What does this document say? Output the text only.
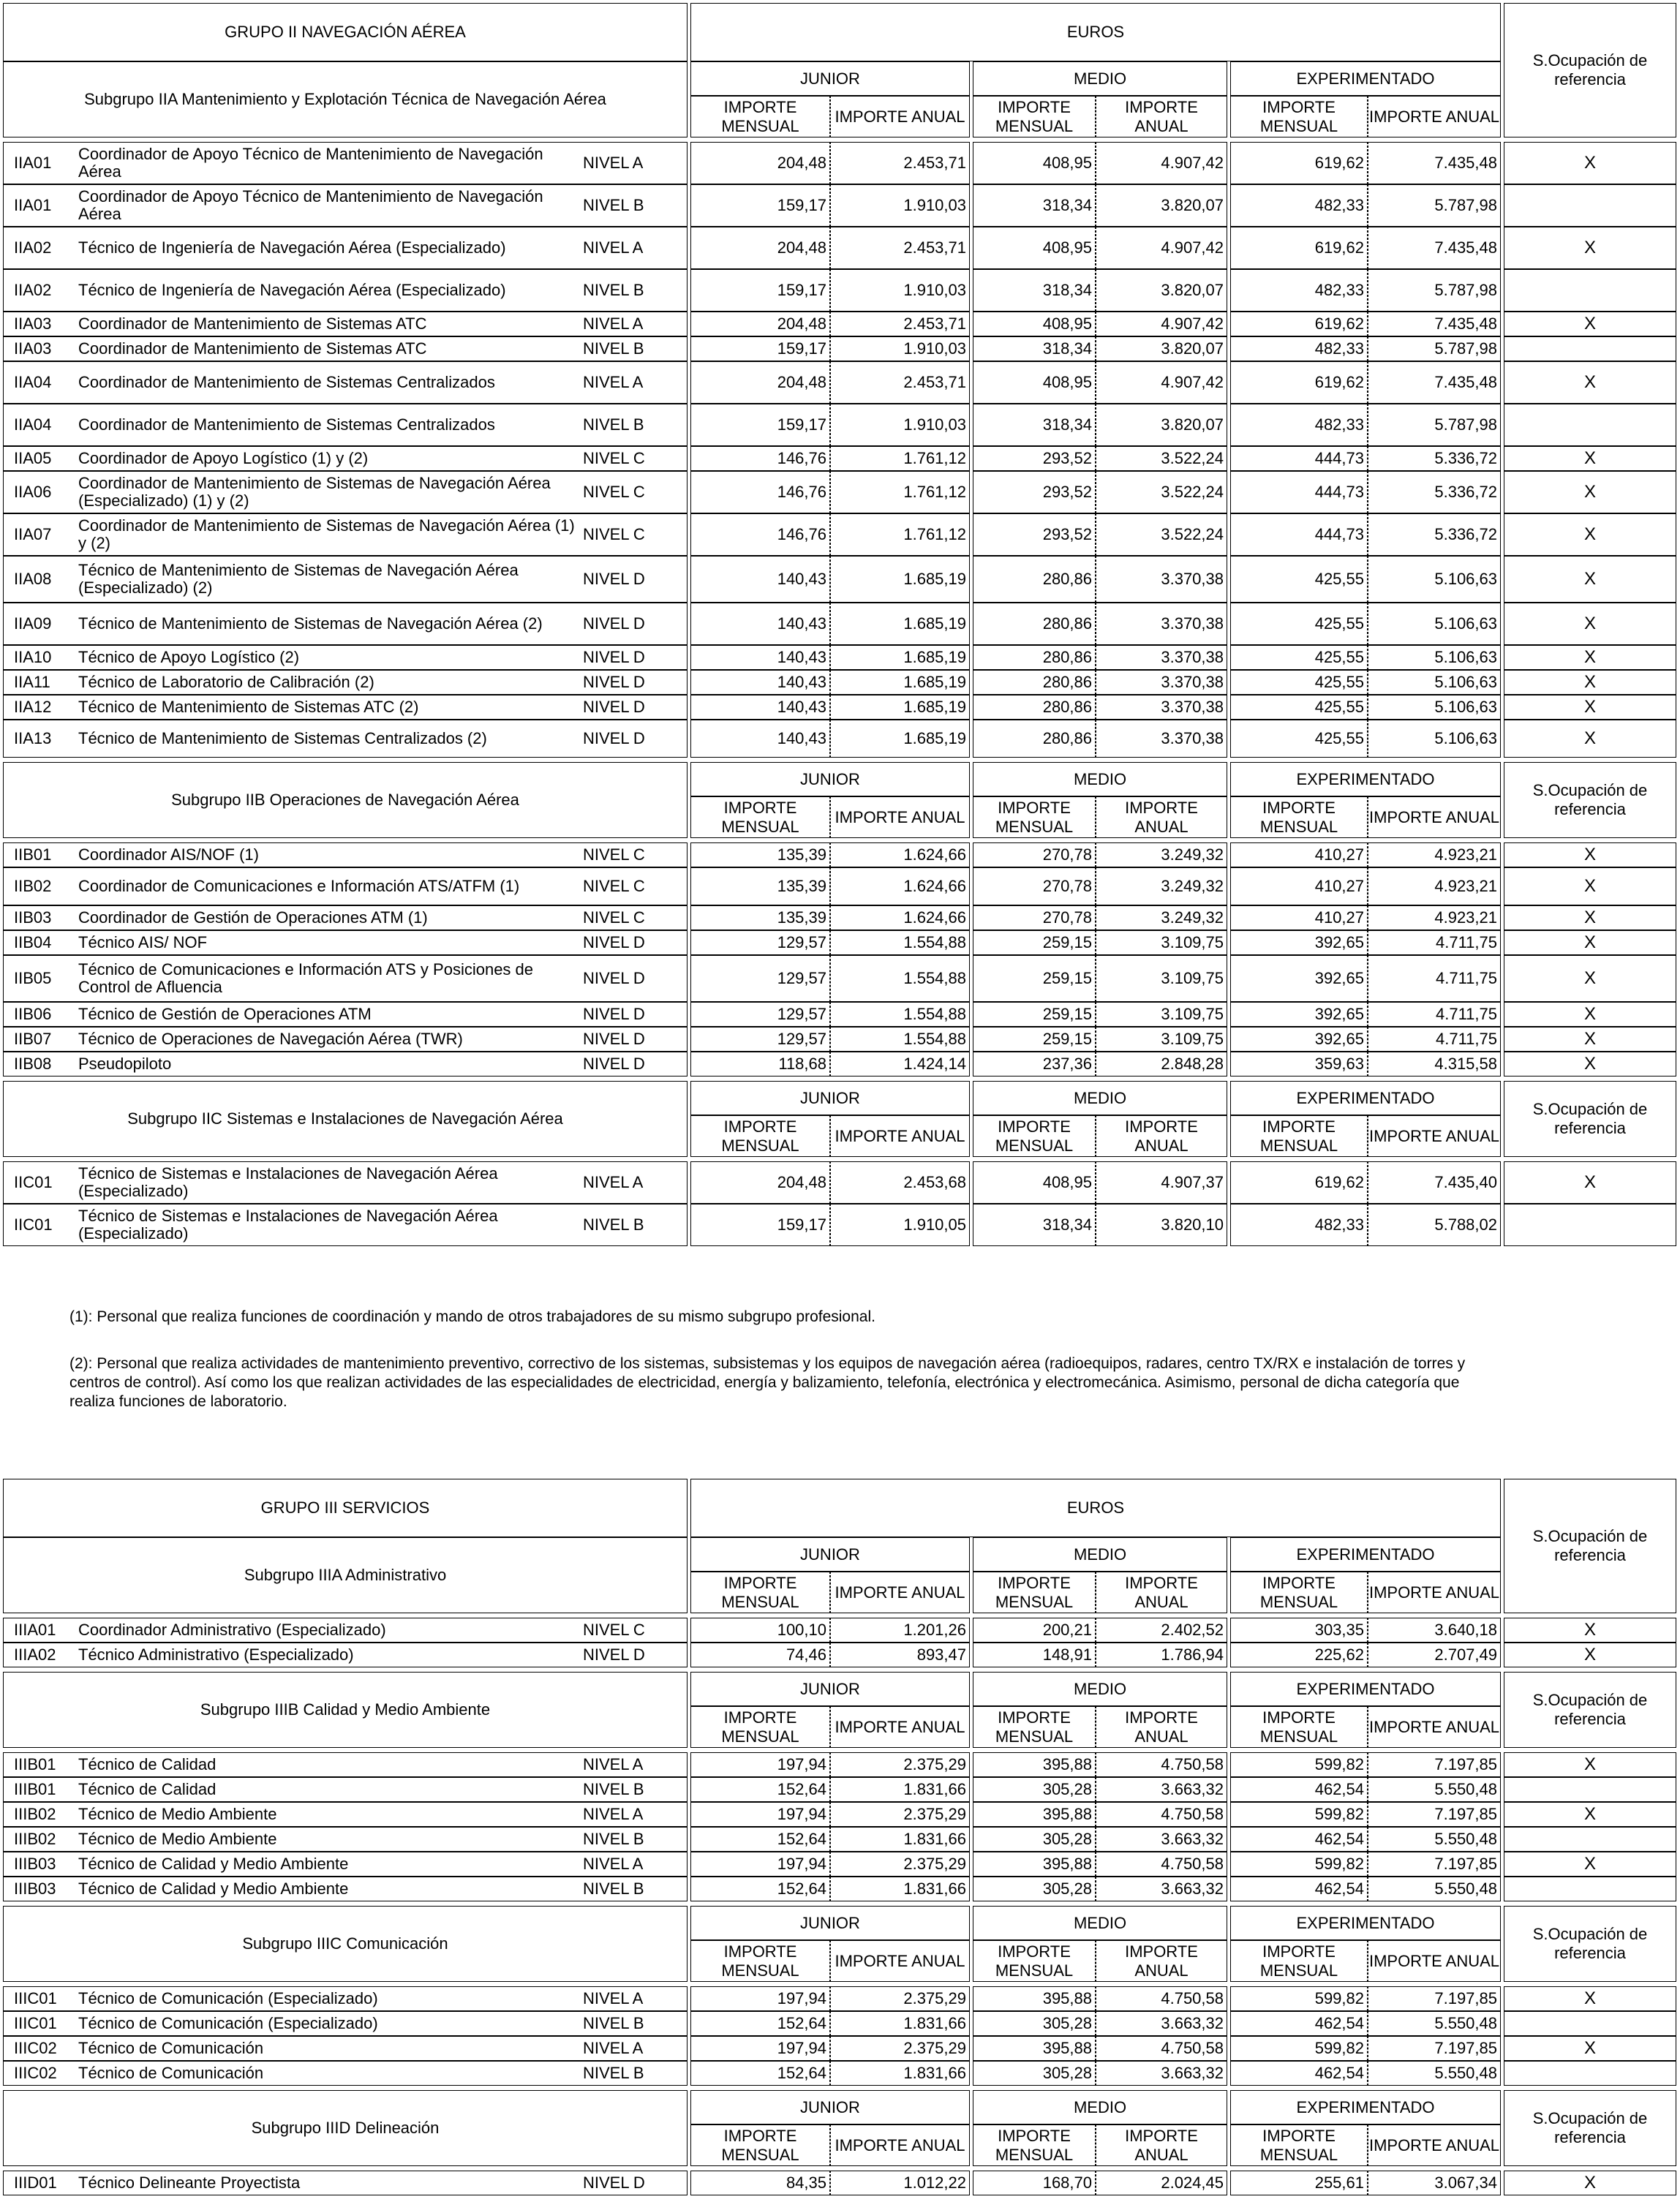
GRUPO II NAVEGACIÓN AÉREA		EUROS									S.Ocupación de referencia
Subgrupo IIA Mantenimiento y Explotación Técnica de Navegación Aérea		JUNIOR			MEDIO			EXPERIMENTADO			
		IMPORTE MENSUAL	IMPORTE ANUAL		IMPORTE MENSUAL	IMPORTE ANUAL		IMPORTE MENSUAL	IMPORTE ANUAL		

IIA01 Coordinador de Apoyo Técnico de Mantenimiento de Navegación Aérea NIVEL A		204,48	2.453,71		408,95	4.907,42		619,62	7.435,48		X

IIA01 Coordinador de Apoyo Técnico de Mantenimiento de Navegación Aérea NIVEL B		159,17	1.910,03		318,34	3.820,07		482,33	5.787,98		

IIA02 Técnico de Ingeniería de Navegación Aérea (Especializado) NIVEL A		204,48	2.453,71		408,95	4.907,42		619,62	7.435,48		X

IIA02 Técnico de Ingeniería de Navegación Aérea (Especializado) NIVEL B		159,17	1.910,03		318,34	3.820,07		482,33	5.787,98		

IIA03 Coordinador de Mantenimiento de Sistemas ATC NIVEL A		204,48	2.453,71		408,95	4.907,42		619,62	7.435,48		X

IIA03 Coordinador de Mantenimiento de Sistemas ATC NIVEL B		159,17	1.910,03		318,34	3.820,07		482,33	5.787,98		

IIA04 Coordinador de Mantenimiento de Sistemas Centralizados NIVEL A		204,48	2.453,71		408,95	4.907,42		619,62	7.435,48		X

IIA04 Coordinador de Mantenimiento de Sistemas Centralizados NIVEL B		159,17	1.910,03		318,34	3.820,07		482,33	5.787,98		

IIA05 Coordinador de Apoyo Logístico (1) y (2) NIVEL C		146,76	1.761,12		293,52	3.522,24		444,73	5.336,72		X

IIA06 Coordinador de Mantenimiento de Sistemas de Navegación Aérea (Especializado) (1) y (2) NIVEL C		146,76	1.761,12		293,52	3.522,24		444,73	5.336,72		X

IIA07 Coordinador de Mantenimiento de Sistemas de Navegación Aérea (1) y (2) NIVEL C		146,76	1.761,12		293,52	3.522,24		444,73	5.336,72		X

IIA08 Técnico de Mantenimiento de Sistemas de Navegación Aérea (Especializado) (2) NIVEL D		140,43	1.685,19		280,86	3.370,38		425,55	5.106,63		X

IIA09 Técnico de Mantenimiento de Sistemas de Navegación Aérea (2) NIVEL D		140,43	1.685,19		280,86	3.370,38		425,55	5.106,63		X

IIA10 Técnico de Apoyo Logístico (2) NIVEL D		140,43	1.685,19		280,86	3.370,38		425,55	5.106,63		X

IIA11 Técnico de Laboratorio de Calibración (2) NIVEL D		140,43	1.685,19		280,86	3.370,38		425,55	5.106,63		X

IIA12 Técnico de Mantenimiento de Sistemas ATC (2) NIVEL D		140,43	1.685,19		280,86	3.370,38		425,55	5.106,63		X

IIA13 Técnico de Mantenimiento de Sistemas Centralizados (2) NIVEL D		140,43	1.685,19		280,86	3.370,38		425,55	5.106,63		X

Subgrupo IIB Operaciones de Navegación Aérea		JUNIOR			MEDIO			EXPERIMENTADO			S.Ocupación de referencia
		IMPORTE MENSUAL	IMPORTE ANUAL		IMPORTE MENSUAL	IMPORTE ANUAL		IMPORTE MENSUAL	IMPORTE ANUAL		

IIB01 Coordinador AIS/NOF (1) NIVEL C		135,39	1.624,66		270,78	3.249,32		410,27	4.923,21		X

IIB02 Coordinador de Comunicaciones e Información ATS/ATFM (1) NIVEL C		135,39	1.624,66		270,78	3.249,32		410,27	4.923,21		X

IIB03 Coordinador de Gestión de Operaciones ATM (1) NIVEL C		135,39	1.624,66		270,78	3.249,32		410,27	4.923,21		X

IIB04 Técnico AIS/ NOF NIVEL D		129,57	1.554,88		259,15	3.109,75		392,65	4.711,75		X

IIB05 Técnico de Comunicaciones e Información ATS y Posiciones de Control de Afluencia NIVEL D		129,57	1.554,88		259,15	3.109,75		392,65	4.711,75		X

IIB06 Técnico de Gestión de Operaciones ATM NIVEL D		129,57	1.554,88		259,15	3.109,75		392,65	4.711,75		X

IIB07 Técnico de Operaciones de Navegación Aérea (TWR) NIVEL D		129,57	1.554,88		259,15	3.109,75		392,65	4.711,75		X

IIB08 Pseudopiloto NIVEL D		118,68	1.424,14		237,36	2.848,28		359,63	4.315,58		X

Subgrupo IIC Sistemas e Instalaciones de Navegación Aérea		JUNIOR			MEDIO			EXPERIMENTADO			S.Ocupación de referencia
		IMPORTE MENSUAL	IMPORTE ANUAL		IMPORTE MENSUAL	IMPORTE ANUAL		IMPORTE MENSUAL	IMPORTE ANUAL		

IIC01 Técnico de Sistemas e Instalaciones de Navegación Aérea (Especializado) NIVEL A		204,48	2.453,68		408,95	4.907,37		619,62	7.435,40		X

IIC01 Técnico de Sistemas e Instalaciones de Navegación Aérea (Especializado) NIVEL B		159,17	1.910,05		318,34	3.820,10		482,33	5.788,02		

(1): Personal que realiza funciones de coordinación y mando de otros trabajadores de su mismo subgrupo profesional.

(2): Personal que realiza actividades de mantenimiento preventivo, correctivo de los sistemas, subsistemas y los equipos de navegación aérea (radioequipos, radares, centro TX/RX e instalación de torres y centros de control). Así como los que realizan actividades de las especialidades de electricidad, energía y balizamiento, telefonía, electrónica y electromecánica. Asimismo, personal de dicha categoría que realiza funciones de laboratorio.

GRUPO III SERVICIOS		EUROS									S.Ocupación de referencia
Subgrupo IIIA Administrativo		JUNIOR			MEDIO			EXPERIMENTADO			
		IMPORTE MENSUAL	IMPORTE ANUAL		IMPORTE MENSUAL	IMPORTE ANUAL		IMPORTE MENSUAL	IMPORTE ANUAL		

IIIA01 Coordinador Administrativo (Especializado) NIVEL C		100,10	1.201,26		200,21	2.402,52		303,35	3.640,18		X

IIIA02 Técnico Administrativo (Especializado) NIVEL D		74,46	893,47		148,91	1.786,94		225,62	2.707,49		X

Subgrupo IIIB Calidad y Medio Ambiente		JUNIOR			MEDIO			EXPERIMENTADO			S.Ocupación de referencia
		IMPORTE MENSUAL	IMPORTE ANUAL		IMPORTE MENSUAL	IMPORTE ANUAL		IMPORTE MENSUAL	IMPORTE ANUAL		

IIIB01 Técnico de Calidad NIVEL A		197,94	2.375,29		395,88	4.750,58		599,82	7.197,85		X

IIIB01 Técnico de Calidad NIVEL B		152,64	1.831,66		305,28	3.663,32		462,54	5.550,48		

IIIB02 Técnico de Medio Ambiente NIVEL A		197,94	2.375,29		395,88	4.750,58		599,82	7.197,85		X

IIIB02 Técnico de Medio Ambiente NIVEL B		152,64	1.831,66		305,28	3.663,32		462,54	5.550,48		

IIIB03 Técnico de Calidad y Medio Ambiente NIVEL A		197,94	2.375,29		395,88	4.750,58		599,82	7.197,85		X

IIIB03 Técnico de Calidad y Medio Ambiente NIVEL B		152,64	1.831,66		305,28	3.663,32		462,54	5.550,48		

Subgrupo IIIC Comunicación		JUNIOR			MEDIO			EXPERIMENTADO			S.Ocupación de referencia
		IMPORTE MENSUAL	IMPORTE ANUAL		IMPORTE MENSUAL	IMPORTE ANUAL		IMPORTE MENSUAL	IMPORTE ANUAL		

IIIC01 Técnico de Comunicación (Especializado) NIVEL A		197,94	2.375,29		395,88	4.750,58		599,82	7.197,85		X

IIIC01 Técnico de Comunicación (Especializado) NIVEL B		152,64	1.831,66		305,28	3.663,32		462,54	5.550,48		

IIIC02 Técnico de Comunicación NIVEL A		197,94	2.375,29		395,88	4.750,58		599,82	7.197,85		X

IIIC02 Técnico de Comunicación NIVEL B		152,64	1.831,66		305,28	3.663,32		462,54	5.550,48		

Subgrupo IIID Delineación		JUNIOR			MEDIO			EXPERIMENTADO			S.Ocupación de referencia
		IMPORTE MENSUAL	IMPORTE ANUAL		IMPORTE MENSUAL	IMPORTE ANUAL		IMPORTE MENSUAL	IMPORTE ANUAL		

IIID01 Técnico Delineante Proyectista NIVEL D		84,35	1.012,22		168,70	2.024,45		255,61	3.067,34		X
